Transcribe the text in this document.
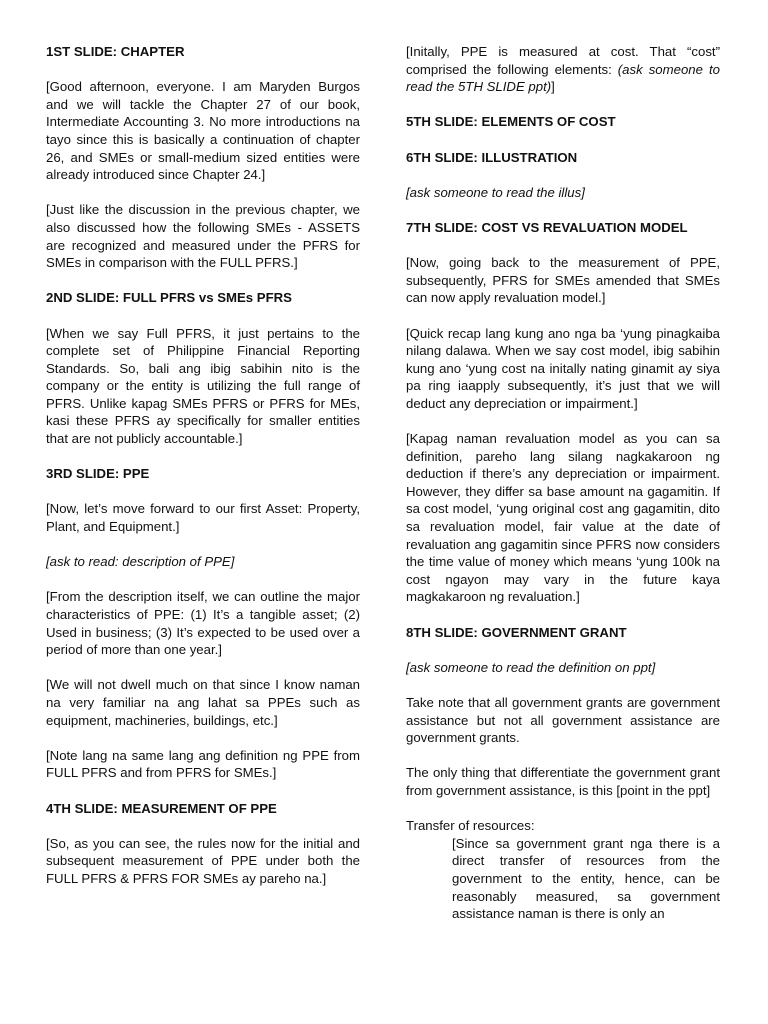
1ST SLIDE: CHAPTER

[Good afternoon, everyone. I am Maryden Burgos and we will tackle the Chapter 27 of our book, Intermediate Accounting 3. No more introductions na tayo since this is basically a continuation of chapter 26, and SMEs or small-medium sized entities were already introduced since Chapter 24.]

[Just like the discussion in the previous chapter, we also discussed how the following SMEs - ASSETS are recognized and measured under the PFRS for SMEs in comparison with the FULL PFRS.]

2ND SLIDE: FULL PFRS vs SMEs PFRS

[When we say Full PFRS, it just pertains to the complete set of Philippine Financial Reporting Standards. So, bali ang ibig sabihin nito is the company or the entity is utilizing the full range of PFRS. Unlike kapag SMEs PFRS or PFRS for MEs, kasi these PFRS ay specifically for smaller entities that are not publicly accountable.]

3RD SLIDE: PPE

[Now, let’s move forward to our first Asset: Property, Plant, and Equipment.]

[ask to read: description of PPE]

[From the description itself, we can outline the major characteristics of PPE: (1) It’s a tangible asset; (2) Used in business; (3) It’s expected to be used over a period of more than one year.]

[We will not dwell much on that since I know naman na very familiar na ang lahat sa PPEs such as equipment, machineries, buildings, etc.]

[Note lang na same lang ang definition ng PPE from FULL PFRS and from PFRS for SMEs.]

4TH SLIDE: MEASUREMENT OF PPE

[So, as you can see, the rules now for the initial and subsequent measurement of PPE under both the FULL PFRS & PFRS FOR SMEs ay pareho na.]

[Initally, PPE is measured at cost. That “cost” comprised the following elements: (ask someone to read the 5TH SLIDE ppt)]

5TH SLIDE: ELEMENTS OF COST

6TH SLIDE: ILLUSTRATION

[ask someone to read the illus]

7TH SLIDE: COST VS REVALUATION MODEL

[Now, going back to the measurement of PPE, subsequently, PFRS for SMEs amended that SMEs can now apply revaluation model.]

[Quick recap lang kung ano nga ba ‘yung pinagkaiba nilang dalawa. When we say cost model, ibig sabihin kung ano ‘yung cost na initally nating ginamit ay siya pa ring iaapply subsequently, it’s just that we will deduct any depreciation or impairment.]

[Kapag naman revaluation model as you can sa definition, pareho lang silang nagkakaroon ng deduction if there’s any depreciation or impairment. However, they differ sa base amount na gagamitin. If sa cost model, ‘yung original cost ang gagamitin, dito sa revaluation model, fair value at the date of revaluation ang gagamitin since PFRS now considers the time value of money which means ‘yung 100k na cost ngayon may vary in the future kaya magkakaroon ng revaluation.]

8TH SLIDE: GOVERNMENT GRANT

[ask someone to read the definition on ppt]

Take note that all government grants are government assistance but not all government assistance are government grants.

The only thing that differentiate the government grant from government assistance, is this [point in the ppt]

Transfer of resources:

[Since sa government grant nga there is a direct transfer of resources from the government to the entity, hence, can be reasonably measured, sa government assistance naman is there is only an
